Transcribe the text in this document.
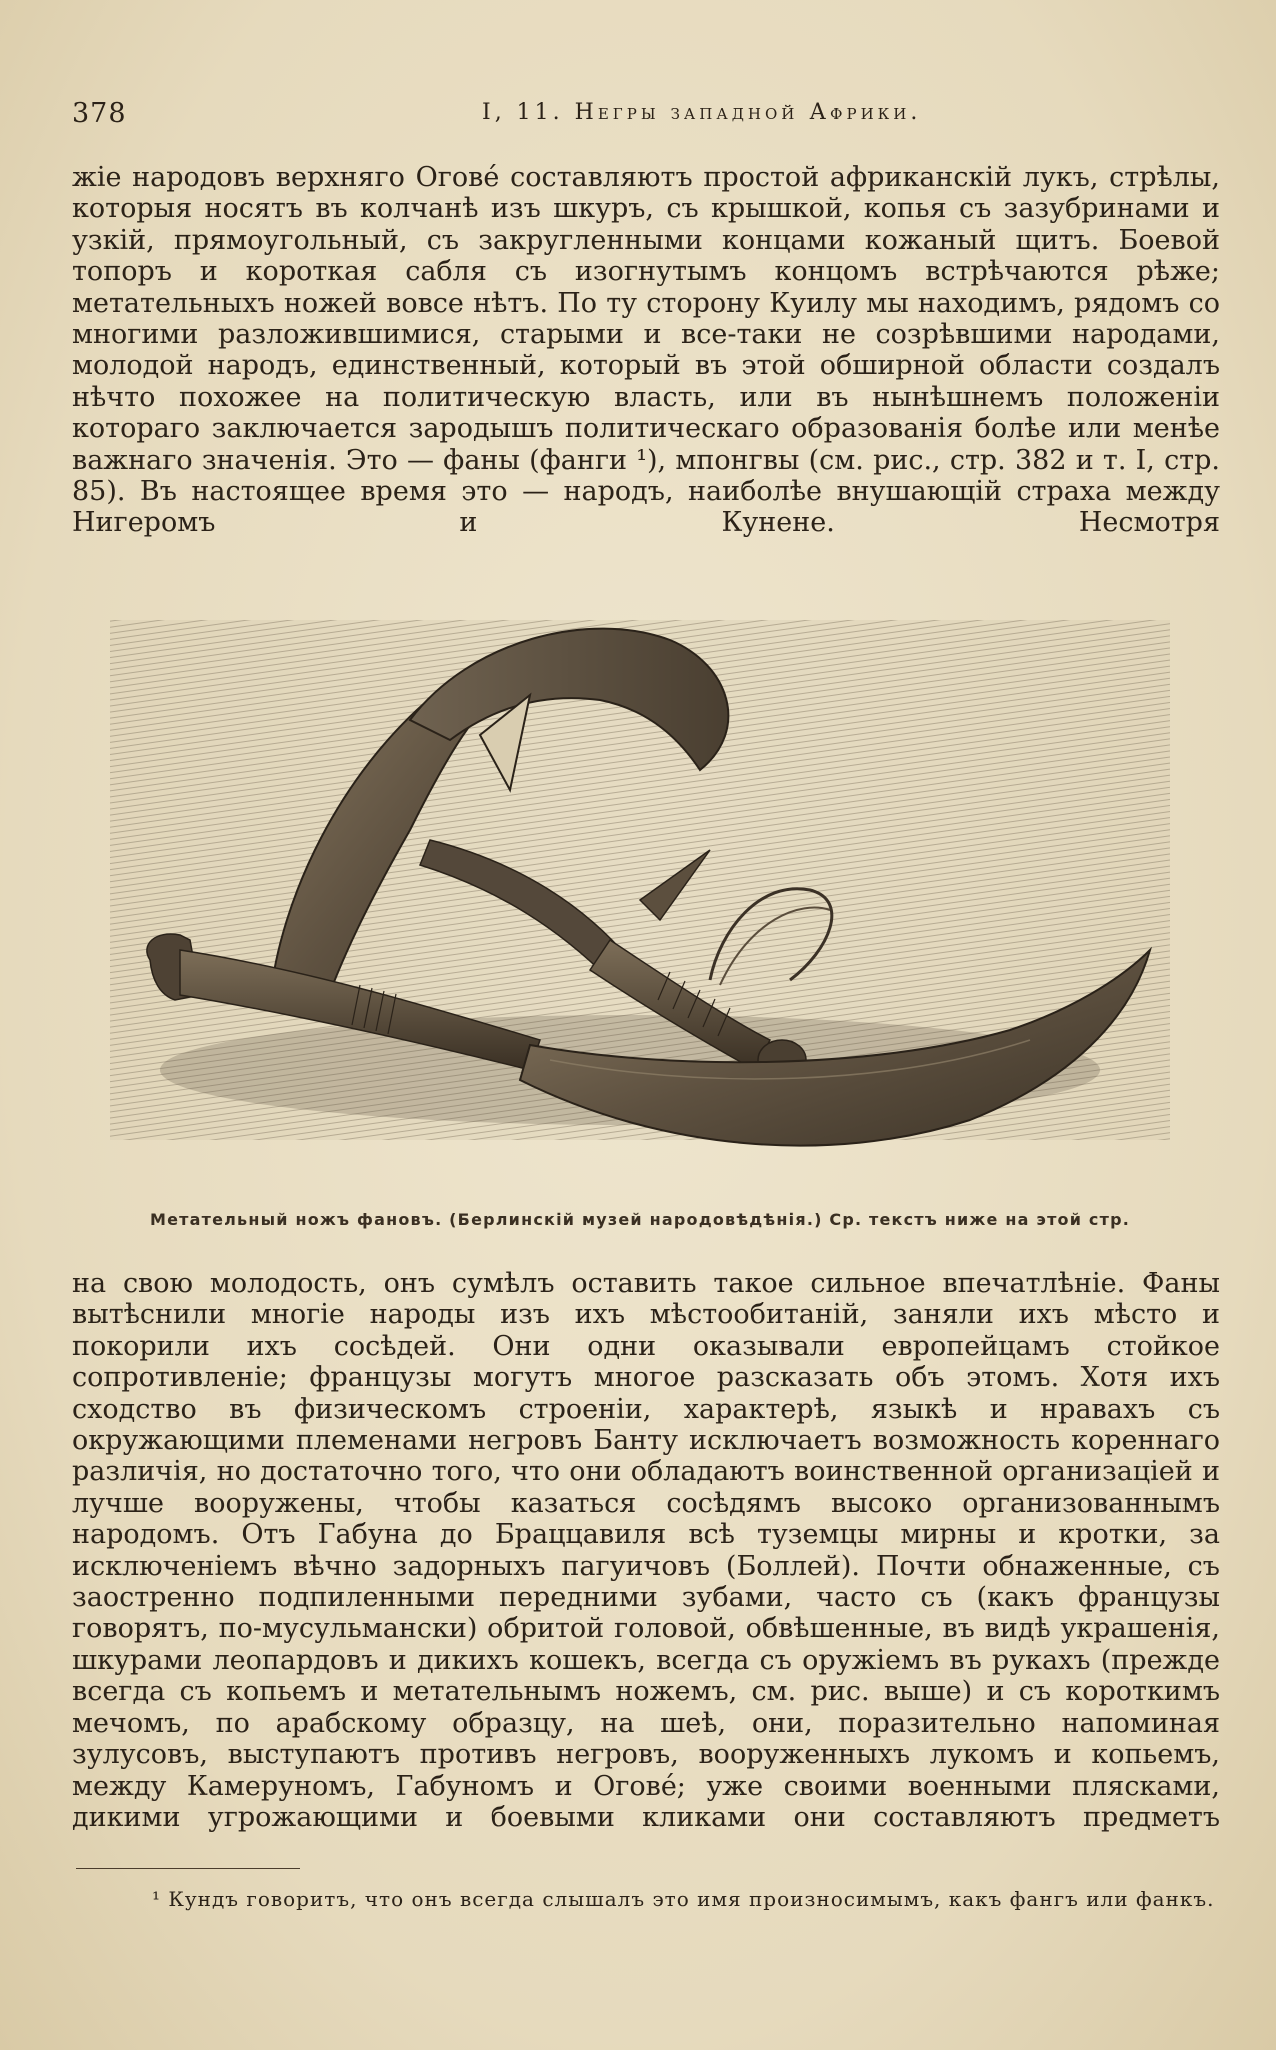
378	I, 11. Негры западной Африки.

жіе народовъ верхняго Огове́ составляютъ простой африканскій лукъ, стрѣлы, которыя носятъ въ колчанѣ изъ шкуръ, съ крышкой, копья съ зазубринами и узкій, прямоугольный, съ закругленными концами кожаный щитъ. Боевой топоръ и короткая сабля съ изогнутымъ концомъ встрѣчаются рѣже; метательныхъ ножей вовсе нѣтъ. По ту сторону Куилу мы находимъ, рядомъ со многими разложившимися, старыми и все-таки не созрѣвшими народами, молодой народъ, единственный, который въ этой обширной области создалъ нѣчто похожее на политическую власть, или въ нынѣшнемъ положеніи котораго заключается зародышъ политическаго образованія болѣе или менѣе важнаго значенія. Это — фаны (фанги ¹), мпонгвы (см. рис., стр. 382 и т. I, стр. 85). Въ настоящее время это — народъ, наиболѣе внушающій страха между Нигеромъ и Кунене. Несмотря

Метательный ножъ фановъ. (Берлинскій музей народовѣдѣнія.) Ср. текстъ ниже на этой стр.

на свою молодость, онъ сумѣлъ оставить такое сильное впечатлѣніе. Фаны вытѣснили многіе народы изъ ихъ мѣстообитаній, заняли ихъ мѣсто и покорили ихъ сосѣдей. Они одни оказывали европейцамъ стойкое сопротивленіе; французы могутъ многое разсказать объ этомъ. Хотя ихъ сходство въ физическомъ строеніи, характерѣ, языкѣ и нравахъ съ окружающими племенами негровъ Банту исключаетъ возможность кореннаго различія, но достаточно того, что они обладаютъ воинственной организаціей и лучше вооружены, чтобы казаться сосѣдямъ высоко организованнымъ народомъ. Отъ Габуна до Браццавиля всѣ туземцы мирны и кротки, за исключеніемъ вѣчно задорныхъ пагуичовъ (Боллей). Почти обнаженные, съ заостренно подпиленными передними зубами, часто съ (какъ французы говорятъ, по-мусульмански) обритой головой, обвѣшенные, въ видѣ украшенія, шкурами леопардовъ и дикихъ кошекъ, всегда съ оружіемъ въ рукахъ (прежде всегда съ копьемъ и метательнымъ ножемъ, см. рис. выше) и съ короткимъ мечомъ, по арабскому образцу, на шеѣ, они, поразительно напоминая зулусовъ, выступаютъ противъ негровъ, вооруженныхъ лукомъ и копьемъ, между Камеруномъ, Габуномъ и Огове́; уже своими военными плясками, дикими угрожающими и боевыми кликами они составляютъ предметъ

¹ Кундъ говоритъ, что онъ всегда слышалъ это имя произносимымъ, какъ фангъ или фанкъ.
